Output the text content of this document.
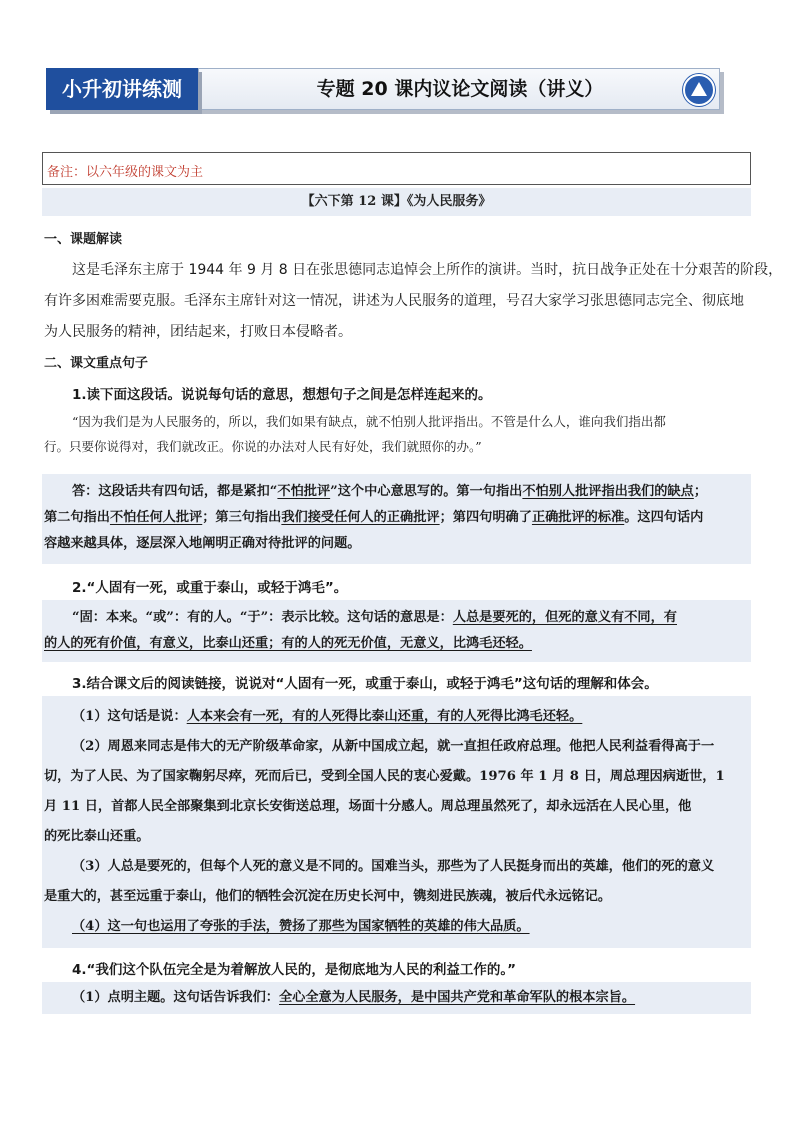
小升初讲练测	专题 20 课内议论文阅读（讲义）
备注：以六年级的课文为主
【六下第 12 课】《为人民服务》
一、课题解读
这是毛泽东主席于 1944 年 9 月 8 日在张思德同志追悼会上所作的演讲。当时，抗日战争正处在十分艰苦的阶段，
有许多困难需要克服。毛泽东主席针对这一情况，讲述为人民服务的道理，号召大家学习张思德同志完全、彻底地
为人民服务的精神，团结起来，打败日本侵略者。
二、课文重点句子
1.读下面这段话。说说每句话的意思，想想句子之间是怎样连起来的。
“因为我们是为人民服务的，所以，我们如果有缺点，就不怕别人批评指出。不管是什么人，谁向我们指出都
行。只要你说得对，我们就改正。你说的办法对人民有好处，我们就照你的办。”
答：这段话共有四句话，都是紧扣“不怕批评”这个中心意思写的。第一句指出不怕别人批评指出我们的缺点；
第二句指出不怕任何人批评；第三句指出我们接受任何人的正确批评；第四句明确了正确批评的标准。这四句话内
容越来越具体，逐层深入地阐明正确对待批评的问题。
2.“人固有一死，或重于泰山，或轻于鸿毛”。
“固：本来。“或”：有的人。“于”：表示比较。这句话的意思是：人总是要死的，但死的意义有不同，有
的人的死有价值，有意义，比泰山还重；有的人的死无价值，无意义，比鸿毛还轻。
3.结合课文后的阅读链接，说说对“人固有一死，或重于泰山，或轻于鸿毛”这句话的理解和体会。
（1）这句话是说：人本来会有一死，有的人死得比泰山还重，有的人死得比鸿毛还轻。
（2）周恩来同志是伟大的无产阶级革命家，从新中国成立起，就一直担任政府总理。他把人民利益看得高于一
切，为了人民、为了国家鞠躬尽瘁，死而后已，受到全国人民的衷心爱戴。1976 年 1 月 8 日，周总理因病逝世，1
月 11 日，首都人民全部聚集到北京长安街送总理，场面十分感人。周总理虽然死了，却永远活在人民心里，他
的死比泰山还重。
（3）人总是要死的，但每个人死的意义是不同的。国难当头，那些为了人民挺身而出的英雄，他们的死的意义
是重大的，甚至远重于泰山，他们的牺牲会沉淀在历史长河中，镌刻进民族魂，被后代永远铭记。
（4）这一句也运用了夸张的手法，赞扬了那些为国家牺牲的英雄的伟大品质。
4.“我们这个队伍完全是为着解放人民的，是彻底地为人民的利益工作的。”
（1）点明主题。这句话告诉我们：全心全意为人民服务，是中国共产党和革命军队的根本宗旨。
